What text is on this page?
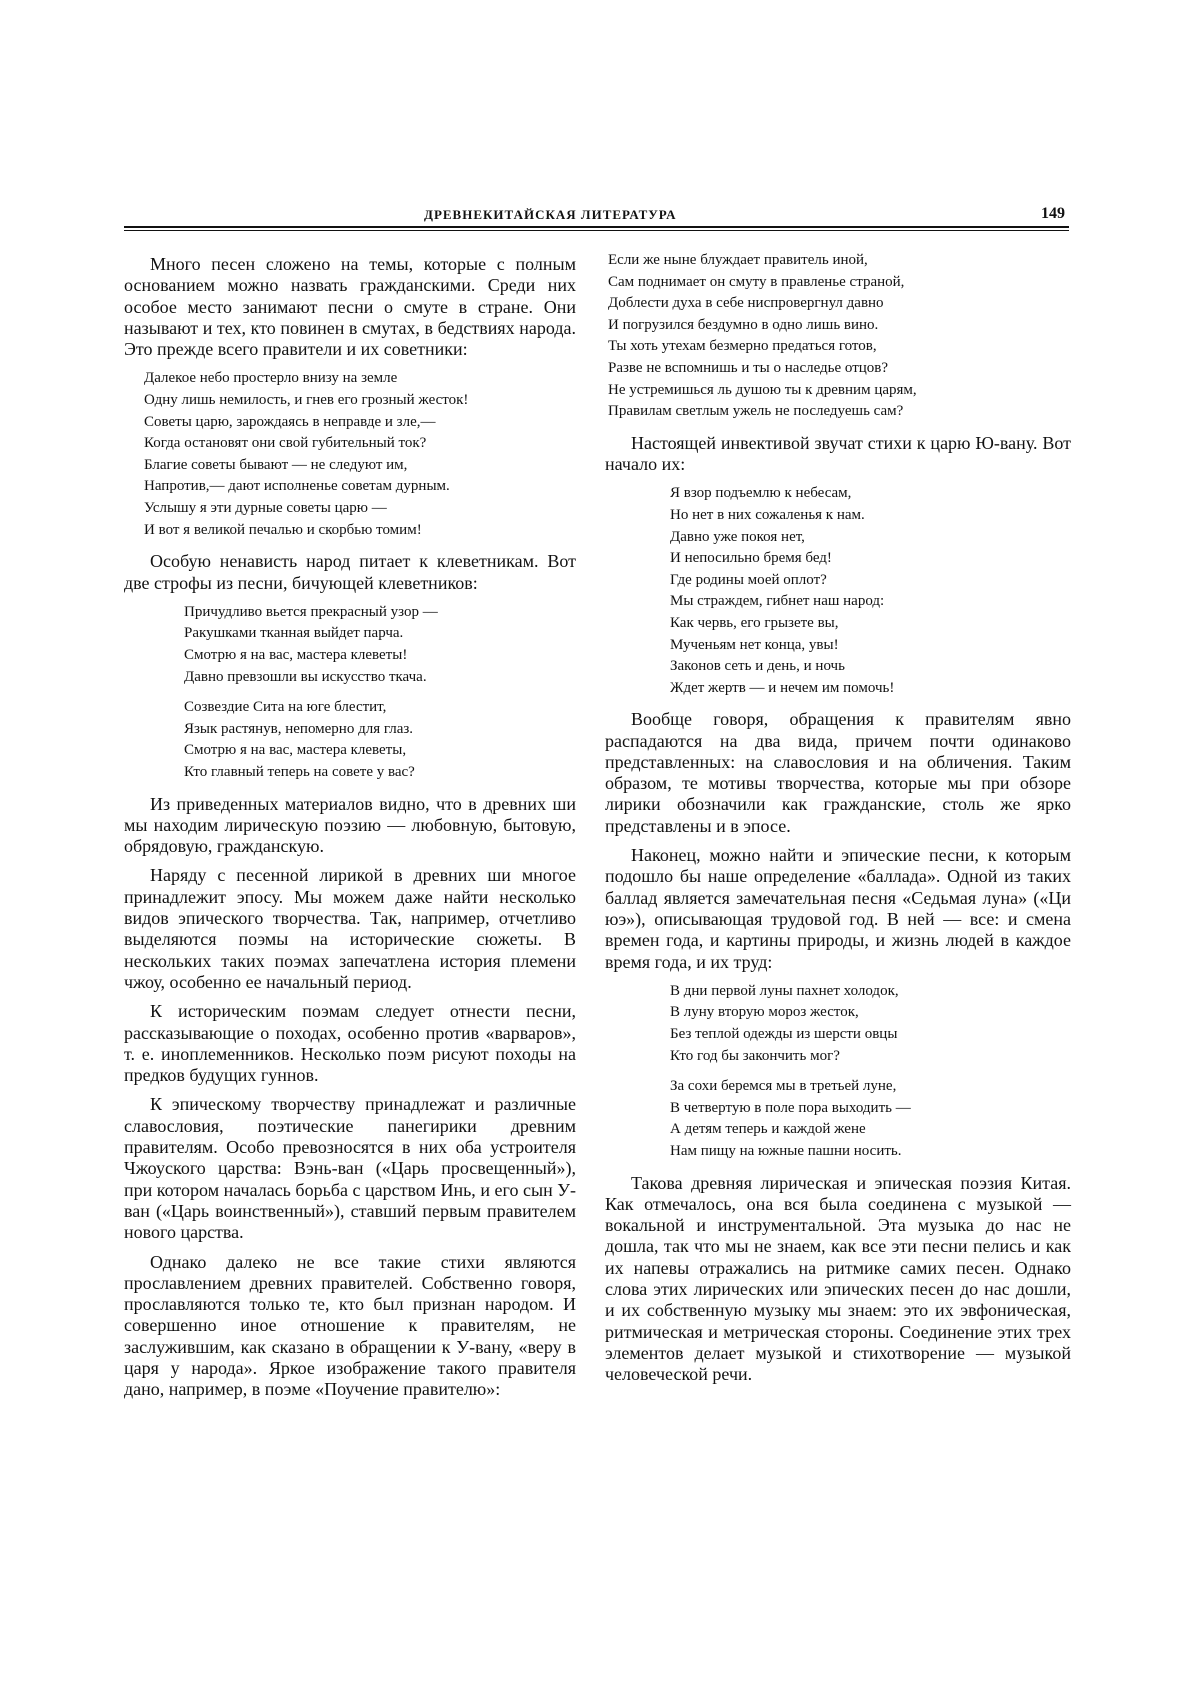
ДРЕВНЕКИТАЙСКАЯ ЛИТЕРАТУРА	149

Много песен сложено на темы, которые с полным основанием можно назвать гражданскими. Среди них особое место занимают песни о смуте в стране. Они называют и тех, кто повинен в смутах, в бедствиях народа. Это прежде всего правители и их советники:

Далекое небо простерло внизу на земле
Одну лишь немилость, и гнев его грозный жесток!
Советы царю, зарождаясь в неправде и зле,—
Когда остановят они свой губительный ток?
Благие советы бывают — не следуют им,
Напротив,— дают исполненье советам дурным.
Услышу я эти дурные советы царю —
И вот я великой печалью и скорбью томим!

Особую ненависть народ питает к клеветникам. Вот две строфы из песни, бичующей клеветников:

Причудливо вьется прекрасный узор —
Ракушками тканная выйдет парча.
Смотрю я на вас, мастера клеветы!
Давно превзошли вы искусство ткача.
Созвездие Сита на юге блестит,
Язык растянув, непомерно для глаз.
Смотрю я на вас, мастера клеветы,
Кто главный теперь на совете у вас?

Из приведенных материалов видно, что в древних ши мы находим лирическую поэзию — любовную, бытовую, обрядовую, гражданскую.

Наряду с песенной лирикой в древних ши многое принадлежит эпосу. Мы можем даже найти несколько видов эпического творчества. Так, например, отчетливо выделяются поэмы на исторические сюжеты. В нескольких таких поэмах запечатлена история племени чжоу, особенно ее начальный период.

К историческим поэмам следует отнести песни, рассказывающие о походах, особенно против «варваров», т. е. иноплеменников. Несколько поэм рисуют походы на предков будущих гуннов.

К эпическому творчеству принадлежат и различные славословия, поэтические панегирики древним правителям. Особо превозносятся в них оба устроителя Чжоуского царства: Вэнь-ван («Царь просвещенный»), при котором началась борьба с царством Инь, и его сын У-ван («Царь воинственный»), ставший первым правителем нового царства.

Однако далеко не все такие стихи являются прославлением древних правителей. Собственно говоря, прославляются только те, кто был признан народом. И совершенно иное отношение к правителям, не заслужившим, как сказано в обращении к У-вану, «веру в царя у народа». Яркое изображение такого правителя дано, например, в поэме «Поучение правителю»:

Если же ныне блуждает правитель иной,
Сам поднимает он смуту в правленье страной,
Доблести духа в себе ниспровергнул давно
И погрузился бездумно в одно лишь вино.
Ты хоть утехам безмерно предаться готов,
Разве не вспомнишь и ты о наследье отцов?
Не устремишься ль душою ты к древним царям,
Правилам светлым ужель не последуешь сам?

Настоящей инвективой звучат стихи к царю Ю-вану. Вот начало их:

Я взор подъемлю к небесам,
Но нет в них сожаленья к нам.
Давно уже покоя нет,
И непосильно бремя бед!
Где родины моей оплот?
Мы страждем, гибнет наш народ:
Как червь, его грызете вы,
Мученьям нет конца, увы!
Законов сеть и день, и ночь
Ждет жертв — и нечем им помочь!

Вообще говоря, обращения к правителям явно распадаются на два вида, причем почти одинаково представленных: на славословия и на обличения. Таким образом, те мотивы творчества, которые мы при обзоре лирики обозначили как гражданские, столь же ярко представлены и в эпосе.

Наконец, можно найти и эпические песни, к которым подошло бы наше определение «баллада». Одной из таких баллад является замечательная песня «Седьмая луна» («Ци юэ»), описывающая трудовой год. В ней — все: и смена времен года, и картины природы, и жизнь людей в каждое время года, и их труд:

В дни первой луны пахнет холодок,
В луну вторую мороз жесток,
Без теплой одежды из шерсти овцы
Кто год бы закончить мог?
За сохи беремся мы в третьей луне,
В четвертую в поле пора выходить —
А детям теперь и каждой жене
Нам пищу на южные пашни носить.

Такова древняя лирическая и эпическая поэзия Китая. Как отмечалось, она вся была соединена с музыкой — вокальной и инструментальной. Эта музыка до нас не дошла, так что мы не знаем, как все эти песни пелись и как их напевы отражались на ритмике самих песен. Однако слова этих лирических или эпических песен до нас дошли, и их собственную музыку мы знаем: это их эвфоническая, ритмическая и метрическая стороны. Соединение этих трех элементов делает музыкой и стихотворение — музыкой человеческой речи.
